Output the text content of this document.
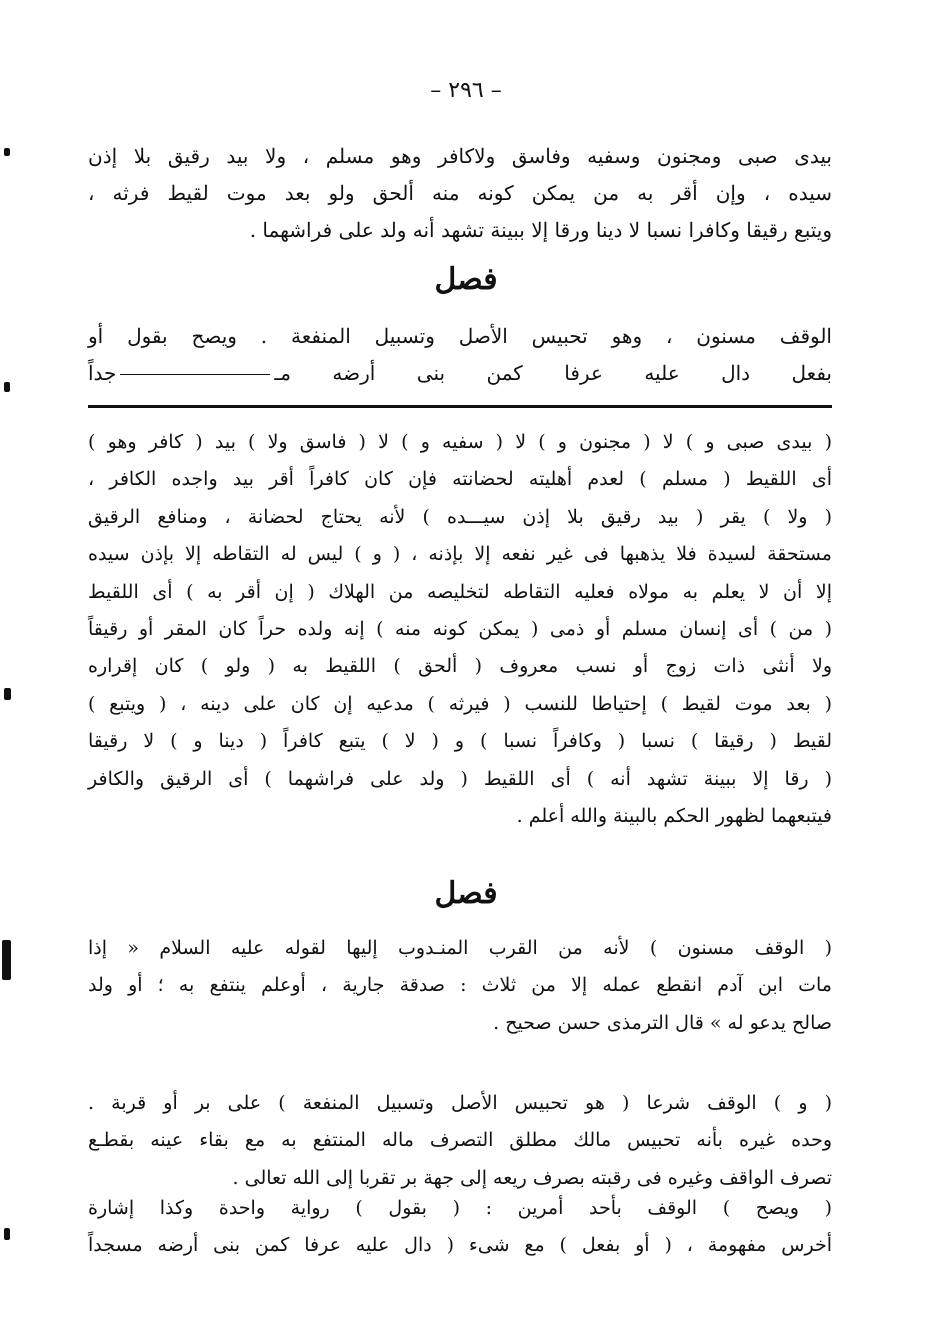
– ٢٩٦ –
بيدى صبى ومجنون وسفيه وفاسق ولاكافر وهو مسلم ، ولا بيد رقيق بلا إذن
سيده ، وإن أقر به من يمكن كونه منه ألحق ولو بعد موت لقيط فرثه ،
ويتبع رقيقا وكافرا نسبا لا دينا ورقا إلا ببينة تشهد أنه ولد على فراشهما .
فصل
الوقف مسنون ، وهو تحبيس الأصل وتسبيل المنفعة . ويصح بقول أو
بفعل دال عليه عرفا كمن بنى أرضه مـجداً
( بيدى صبى و ) لا ( مجنون و ) لا ( سفيه و ) لا ( فاسق ولا ) بيد ( كافر وهو )
أى اللقيط ( مسلم ) لعدم أهليته لحضانته فإن كان كافراً أقر بيد واجده الكافر ،
( ولا ) يقر ( بيد رقيق بلا إذن سيـــده ) لأنه يحتاج لحضانة ، ومنافع الرقيق
مستحقة لسيدة فلا يذهبها فى غير نفعه إلا بإذنه ، ( و ) ليس له التقاطه إلا بإذن سيده
إلا أن لا يعلم به مولاه فعليه التقاطه لتخليصه من الهلاك ( إن أقر به ) أى اللقيط
( من ) أى إنسان مسلم أو ذمى ( يمكن كونه منه ) إنه ولده حراً كان المقر أو رقيقاً
ولا أنثى ذات زوج أو نسب معروف ( ألحق ) اللقيط به ( ولو ) كان إقراره
( بعد موت لقيط ) إحتياطا للنسب ( فيرثه ) مدعيه إن كان على دينه ، ( ويتبع )
لقيط ( رقيقا ) نسبا ( وكافراً نسبا ) و ( لا ) يتبع كافراً ( دينا و ) لا رقيقا
( رقا إلا ببينة تشهد أنه ) أى اللقيط ( ولد على فراشهما ) أى الرقيق والكافر
فيتبعهما لظهور الحكم بالبينة والله أعلم .
فصل
( الوقف مسنون ) لأنه من القرب المنـدوب إليها لقوله عليه السلام « إذا
مات ابن آدم انقطع عمله إلا من ثلاث : صدقة جارية ، أوعلم ينتفع به ؛ أو ولد
صالح يدعو له » قال الترمذى حسن صحيح .
( و ) الوقف شرعا ( هو تحبيس الأصل وتسبيل المنفعة ) على بر أو قربة .
وحده غيره بأنه تحبيس مالك مطلق التصرف ماله المنتفع به مع بقاء عينه بقطـع
تصرف الواقف وغيره فى رقبته بصرف ريعه إلى جهة بر تقربا إلى الله تعالى .
( ويصح ) الوقف بأحد أمرين : ( بقول ) رواية واحدة وكذا إشارة
أخرس مفهومة ، ( أو بفعل ) مع شىء ( دال عليه عرفا كمن بنى أرضه مسجداً
